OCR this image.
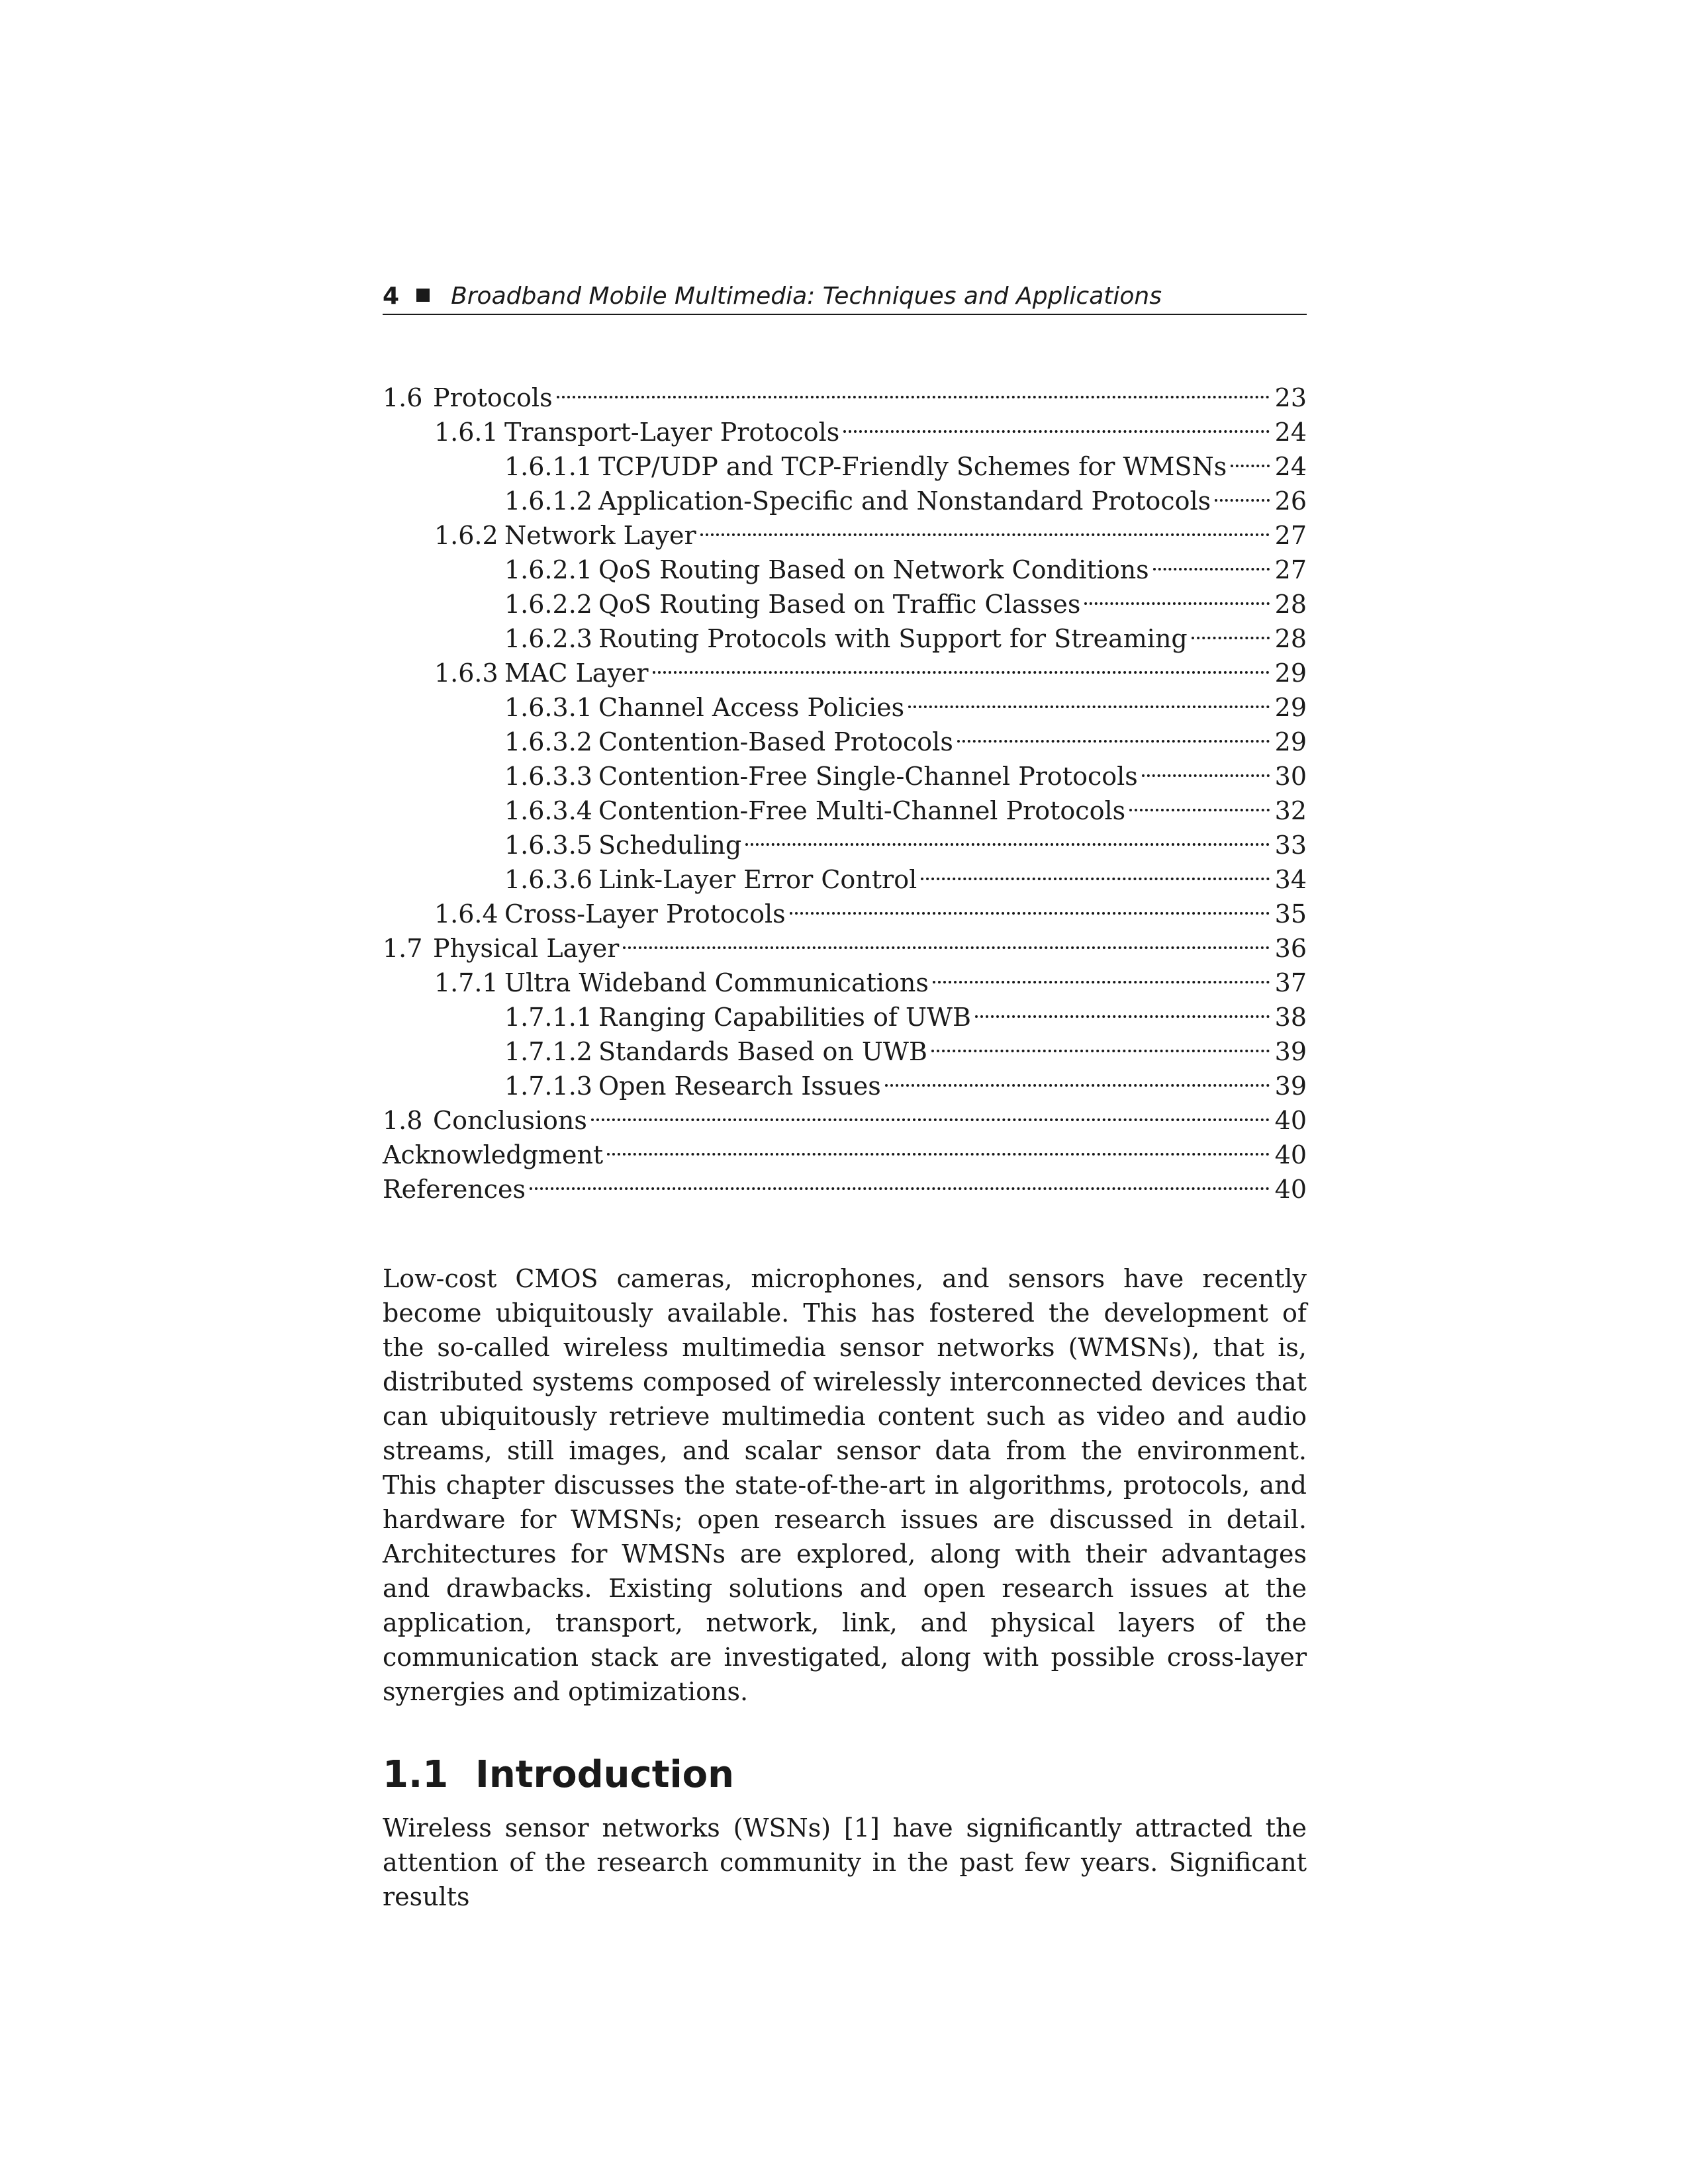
4 Broadband Mobile Multimedia: Techniques and Applications
1.6 Protocols	23
1.6.1 Transport-Layer Protocols	24
1.6.1.1 TCP/UDP and TCP-Friendly Schemes for WMSNs 24
1.6.1.2 Application-Specific and Nonstandard Protocols	26
1.6.2 Network Layer	27
1.6.2.1 QoS Routing Based on Network Conditions	27
1.6.2.2 QoS Routing Based on Traffic Classes	28
1.6.2.3 Routing Protocols with Support for Streaming	28
1.6.3 MAC Layer	29
1.6.3.1 Channel Access Policies	29
1.6.3.2 Contention-Based Protocols	29
1.6.3.3 Contention-Free Single-Channel Protocols	30
1.6.3.4 Contention-Free Multi-Channel Protocols	32
1.6.3.5 Scheduling	33
1.6.3.6 Link-Layer Error Control	34
1.6.4 Cross-Layer Protocols	35
1.7 Physical Layer	36
1.7.1 Ultra Wideband Communications	37
1.7.1.1 Ranging Capabilities of UWB	38
1.7.1.2 Standards Based on UWB	39
1.7.1.3 Open Research Issues	39
1.8 Conclusions	40
Acknowledgment	40
References	40

Low-cost CMOS cameras, microphones, and sensors have recently become ubiquitously available. This has fostered the development of the so-called wireless multimedia sensor networks (WMSNs), that is, distributed systems composed of wirelessly interconnected devices that can ubiquitously retrieve multimedia content such as video and audio streams, still images, and scalar sensor data from the environment. This chapter discusses the state-of-the-art in algorithms, protocols, and hardware for WMSNs; open research issues are discussed in detail. Architectures for WMSNs are explored, along with their advantages and drawbacks. Existing solutions and open research issues at the application, transport, network, link, and physical layers of the communication stack are investigated, along with possible cross-layer synergies and optimizations.

1.1 Introduction

Wireless sensor networks (WSNs) [1] have significantly attracted the attention of the research community in the past few years. Significant results
